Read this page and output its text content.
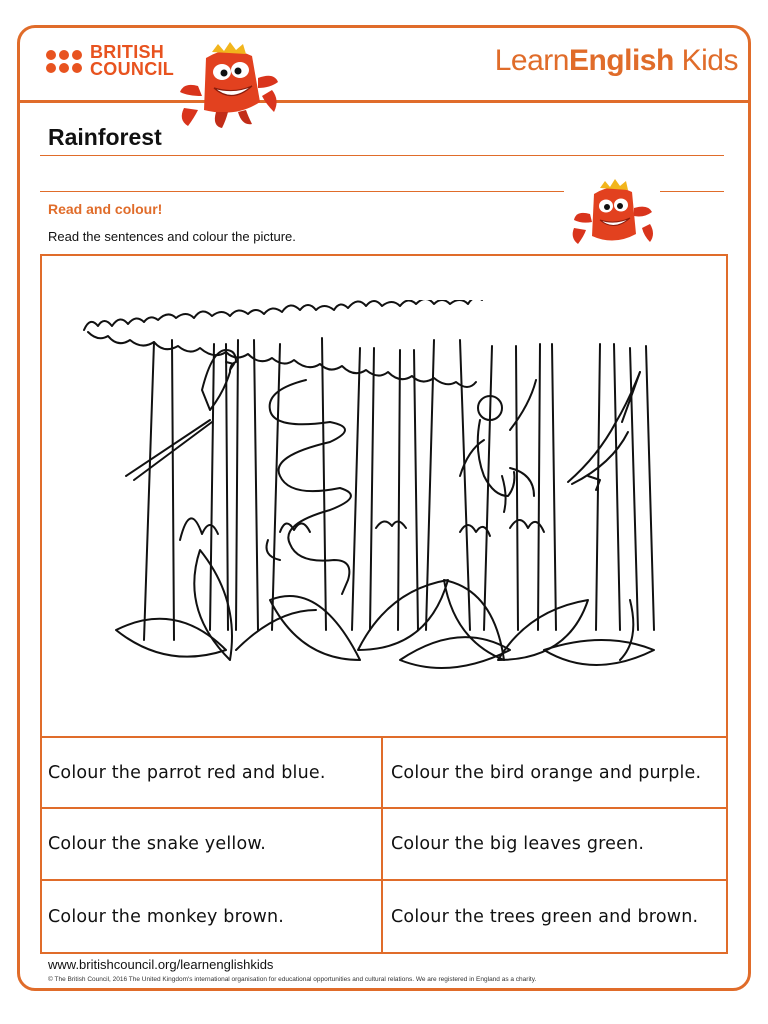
BRITISH
COUNCIL	LearnEnglish Kids
Rainforest
Read and colour!
Read the sentences and colour the picture.
Colour the parrot red and blue.	Colour the bird orange and purple.
Colour the snake yellow.	Colour the big leaves green.
Colour the monkey brown.	Colour the trees green and brown.
www.britishcouncil.org/learnenglishkids
© The British Council, 2016 The United Kingdom's international organisation for educational opportunities and cultural relations. We are registered in England as a charity.
